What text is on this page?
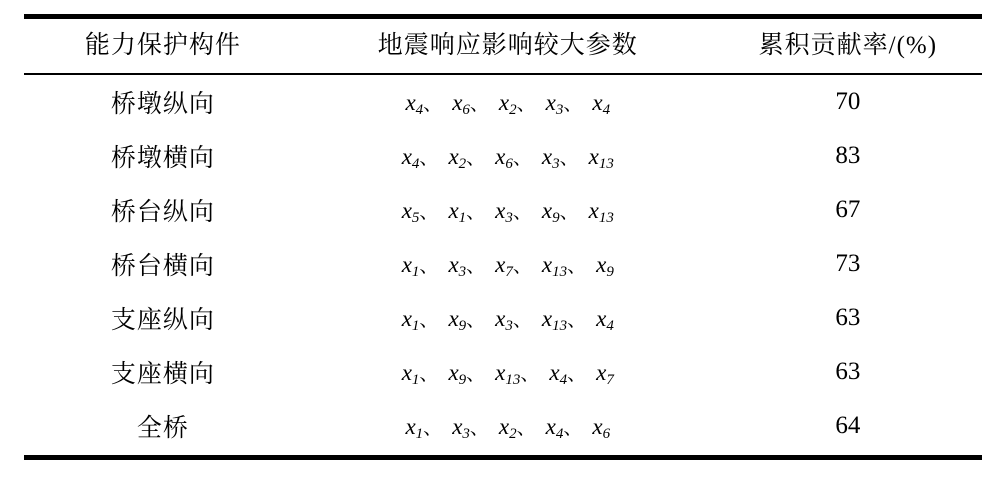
能力保护构件	地震响应影响较大参数	累积贡献率/(%)
桥墩纵向	$x_4$、 $x_6$、 $x_2$、 $x_3$、 $x_4$	70
桥墩横向	$x_4$、 $x_2$、 $x_6$、 $x_3$、 $x_{13}$	83
桥台纵向	$x_5$、 $x_1$、 $x_3$、 $x_9$、 $x_{13}$	67
桥台横向	$x_1$、 $x_3$、 $x_7$、 $x_{13}$、 $x_9$	73
支座纵向	$x_1$、 $x_9$、 $x_3$、 $x_{13}$、 $x_4$	63
支座横向	$x_1$、 $x_9$、 $x_{13}$、 $x_4$、 $x_7$	63
全桥	$x_1$、 $x_3$、 $x_2$、 $x_4$、 $x_6$	64
